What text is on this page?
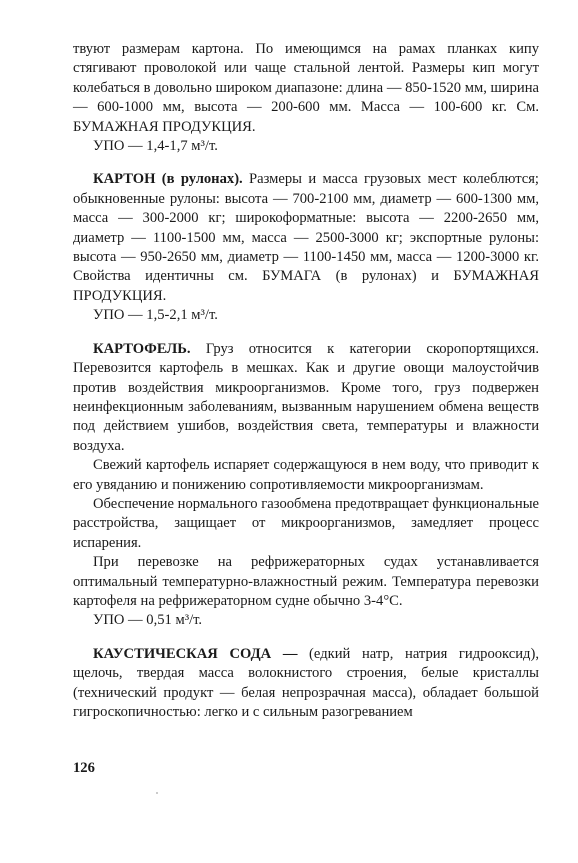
твуют размерам картона. По имеющимся на рамах планках кипу стягивают проволокой или чаще стальной лентой. Размеры кип могут колебаться в довольно широком диапазоне: длина — 850-1520 мм, ширина — 600-1000 мм, высота — 200-600 мм. Масса — 100-600 кг. См. БУМАЖНАЯ ПРОДУКЦИЯ.

УПО — 1,4-1,7 м³/т.

КАРТОН (в рулонах). Размеры и масса грузовых мест колеблются; обыкновенные рулоны: высота — 700-2100 мм, диаметр — 600-1300 мм, масса — 300-2000 кг; широкоформатные: высота — 2200-2650 мм, диаметр — 1100-1500 мм, масса — 2500-3000 кг; экспортные рулоны: высота — 950-2650 мм, диаметр — 1100-1450 мм, масса — 1200-3000 кг. Свойства идентичны см. БУМАГА (в рулонах) и БУМАЖНАЯ ПРОДУКЦИЯ.

УПО — 1,5-2,1 м³/т.

КАРТОФЕЛЬ. Груз относится к категории скоропортящихся. Перевозится картофель в мешках. Как и другие овощи малоустойчив против воздействия микроорганизмов. Кроме того, груз подвержен неинфекционным заболеваниям, вызванным нарушением обмена веществ под действием ушибов, воздействия света, температуры и влажности воздуха.

Свежий картофель испаряет содержащуюся в нем воду, что приводит к его увяданию и понижению сопротивляемости микроорганизмам.

Обеспечение нормального газообмена предотвращает функциональные расстройства, защищает от микроорганизмов, замедляет процесс испарения.

При перевозке на рефрижераторных судах устанавливается оптимальный температурно-влажностный режим. Температура перевозки картофеля на рефрижераторном судне обычно 3-4°С.

УПО — 0,51 м³/т.

КАУСТИЧЕСКАЯ СОДА — (едкий натр, натрия гидрооксид), щелочь, твердая масса волокнистого строения, белые кристаллы (технический продукт — белая непрозрачная масса), обладает большой гигроскопичностью: легко и с сильным разогреванием

126
